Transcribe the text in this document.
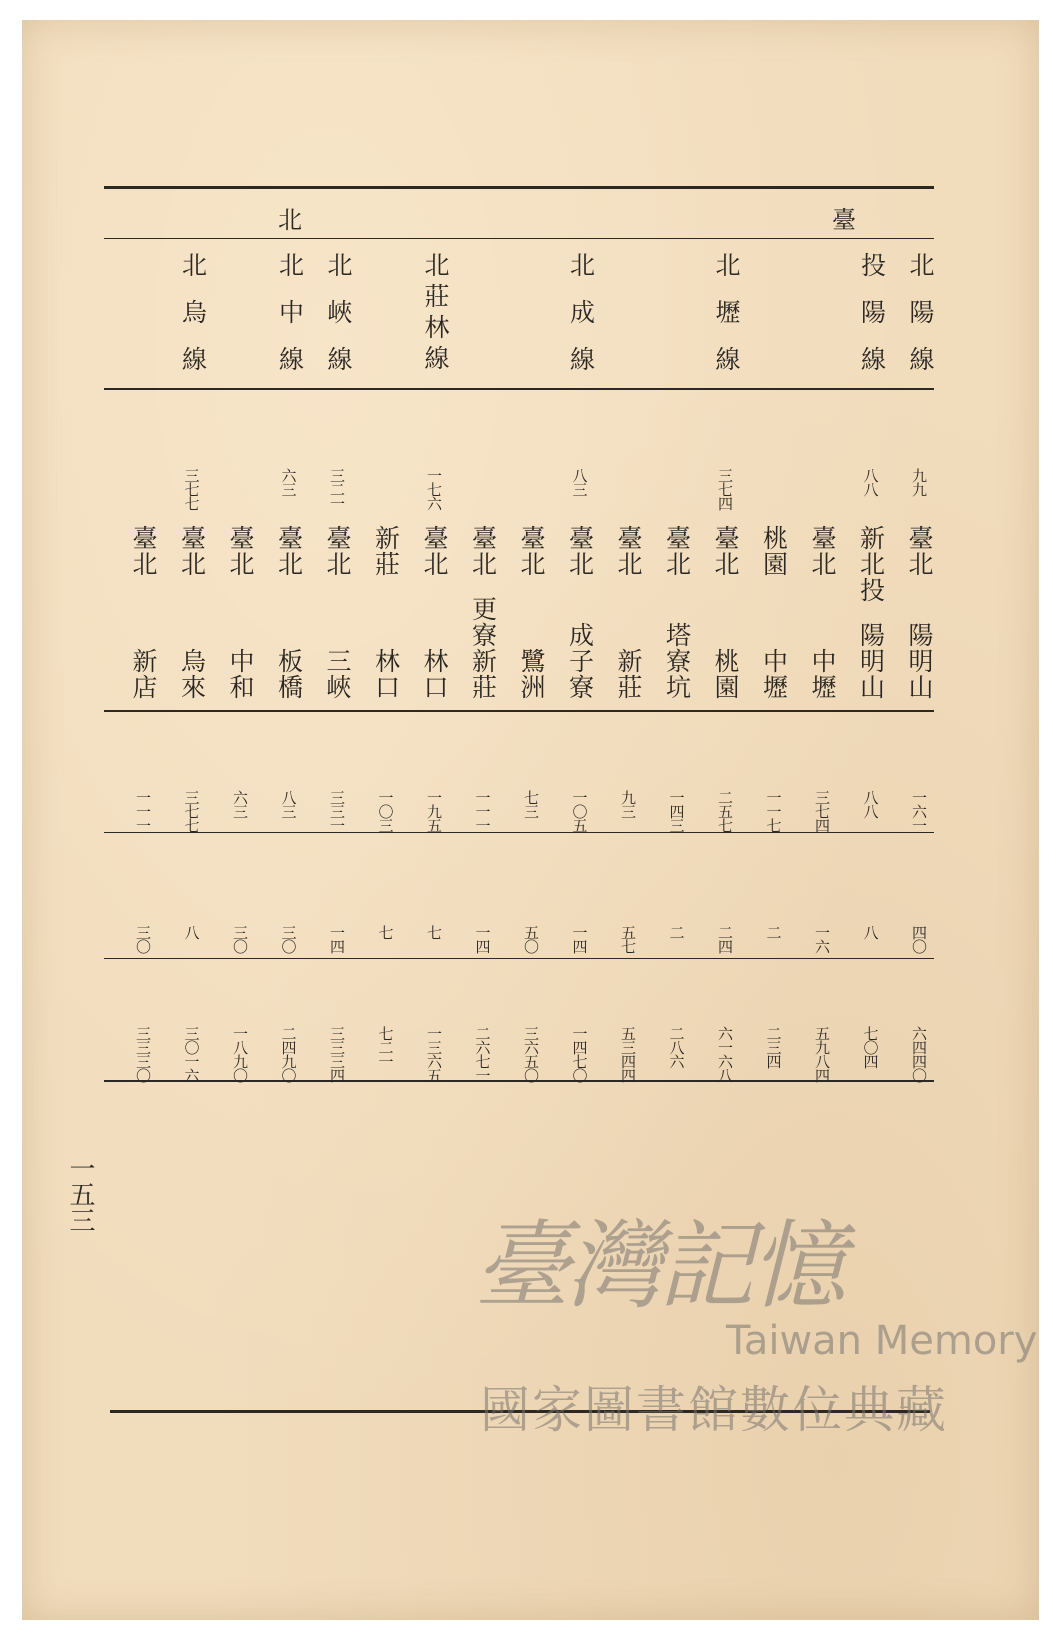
臺
北
北陽線
投陽線
北壢線
北成線
北莊林線
北峽線
北中線
北烏線
九九
八八
三七四
八三
一七六
三二一
六三
三七七
臺北
陽明山
一六一
四〇
六四四〇
新北投
陽明山
八八
八
七〇四
臺北
中壢
三七四
一六
五九八四
桃園
中壢
一一七
二
二三四
臺北
桃園
二五七
二四
六一六八
臺北
塔寮坑
一四三
二
二八六
臺北
新莊
九三
五七
五三四四
臺北
成子寮
一〇五
一四
一四七〇
臺北
鷺洲
七三
五〇
三六五〇
臺北
更寮新莊
一一一
一四
二六七一
臺北
林口
一九五
七
一三六五
新莊
林口
一〇三
七
七二一
臺北
三峽
三三一
一四
三三三四
臺北
板橋
八三
三〇
二四九〇
臺北
中和
六三
三〇
一八九〇
臺北
烏來
三七七
八
三〇一六
臺北
新店
一一一
三〇
三三三〇
一五三
臺灣記憶
Taiwan Memory
國家圖書館數位典藏
